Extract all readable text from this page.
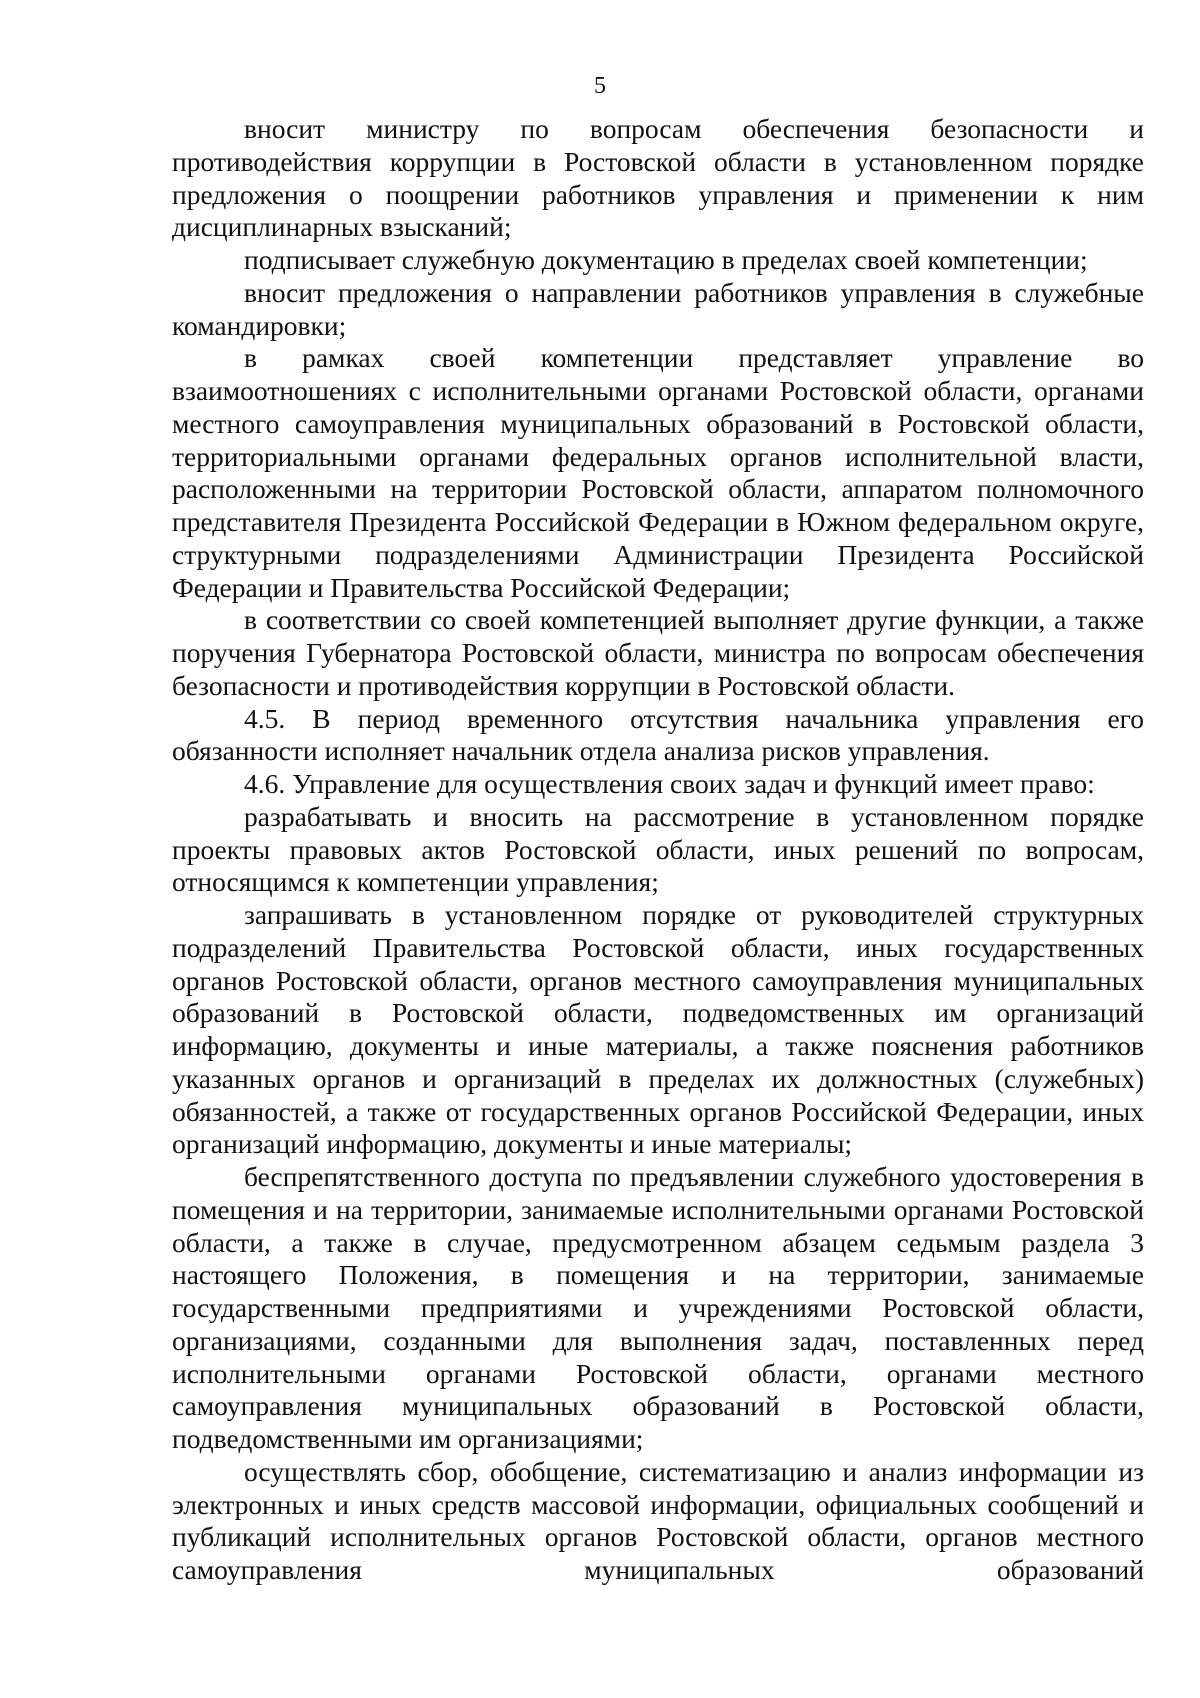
5

вносит министру по вопросам обеспечения безопасности и противодействия коррупции в Ростовской области в установленном порядке предложения о поощрении работников управления и применении к ним дисциплинарных взысканий;

подписывает служебную документацию в пределах своей компетенции;

вносит предложения о направлении работников управления в служебные командировки;

в рамках своей компетенции представляет управление во взаимоотношениях с исполнительными органами Ростовской области, органами местного самоуправления муниципальных образований в Ростовской области, территориальными органами федеральных органов исполнительной власти, расположенными на территории Ростовской области, аппаратом полномочного представителя Президента Российской Федерации в Южном федеральном округе, структурными подразделениями Администрации Президента Российской Федерации и Правительства Российской Федерации;

в соответствии со своей компетенцией выполняет другие функции, а также поручения Губернатора Ростовской области, министра по вопросам обеспечения безопасности и противодействия коррупции в Ростовской области.

4.5. В период временного отсутствия начальника управления его обязанности исполняет начальник отдела анализа рисков управления.

4.6. Управление для осуществления своих задач и функций имеет право:

разрабатывать и вносить на рассмотрение в установленном порядке проекты правовых актов Ростовской области, иных решений по вопросам, относящимся к компетенции управления;

запрашивать в установленном порядке от руководителей структурных подразделений Правительства Ростовской области, иных государственных органов Ростовской области, органов местного самоуправления муниципальных образований в Ростовской области, подведомственных им организаций информацию, документы и иные материалы, а также пояснения работников указанных органов и организаций в пределах их должностных (служебных) обязанностей, а также от государственных органов Российской Федерации, иных организаций информацию, документы и иные материалы;

беспрепятственного доступа по предъявлении служебного удостоверения в помещения и на территории, занимаемые исполнительными органами Ростовской области, а также в случае, предусмотренном абзацем седьмым раздела 3 настоящего Положения, в помещения и на территории, занимаемые государственными предприятиями и учреждениями Ростовской области, организациями, созданными для выполнения задач, поставленных перед исполнительными органами Ростовской области, органами местного самоуправления муниципальных образований в Ростовской области, подведомственными им организациями;

осуществлять сбор, обобщение, систематизацию и анализ информации из электронных и иных средств массовой информации, официальных сообщений и публикаций исполнительных органов Ростовской области, органов местного самоуправления муниципальных образований
